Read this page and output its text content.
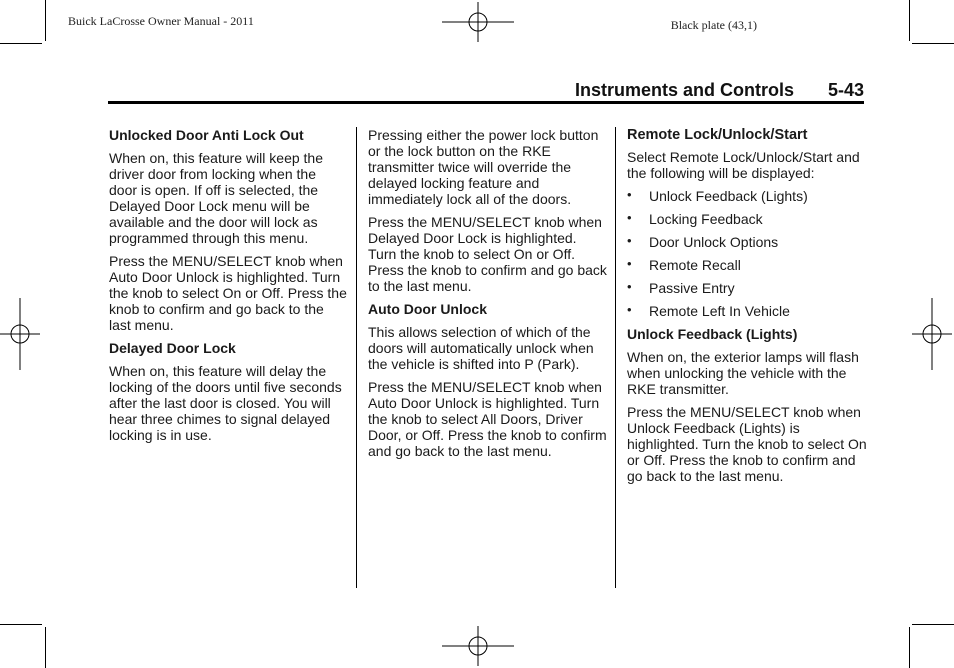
Buick LaCrosse Owner Manual - 2011	Black plate (43,1)
Instruments and Controls 5-43
Unlocked Door Anti Lock Out

When on, this feature will keep the driver door from locking when the door is open. If off is selected, the Delayed Door Lock menu will be available and the door will lock as programmed through this menu.

Press the MENU/SELECT knob when Auto Door Unlock is highlighted. Turn the knob to select On or Off. Press the knob to confirm and go back to the last menu.

Delayed Door Lock

When on, this feature will delay the locking of the doors until five seconds after the last door is closed. You will hear three chimes to signal delayed locking is in use.

Pressing either the power lock button or the lock button on the RKE transmitter twice will override the delayed locking feature and immediately lock all of the doors.

Press the MENU/SELECT knob when Delayed Door Lock is highlighted. Turn the knob to select On or Off. Press the knob to confirm and go back to the last menu.

Auto Door Unlock

This allows selection of which of the doors will automatically unlock when the vehicle is shifted into P (Park).

Press the MENU/SELECT knob when Auto Door Unlock is highlighted. Turn the knob to select All Doors, Driver Door, or Off. Press the knob to confirm and go back to the last menu.

Remote Lock/Unlock/Start

Select Remote Lock/Unlock/Start and the following will be displayed:

• Unlock Feedback (Lights)
• Locking Feedback
• Door Unlock Options
• Remote Recall
• Passive Entry
• Remote Left In Vehicle
Unlock Feedback (Lights)

When on, the exterior lamps will flash when unlocking the vehicle with the RKE transmitter.

Press the MENU/SELECT knob when Unlock Feedback (Lights) is highlighted. Turn the knob to select On or Off. Press the knob to confirm and go back to the last menu.
